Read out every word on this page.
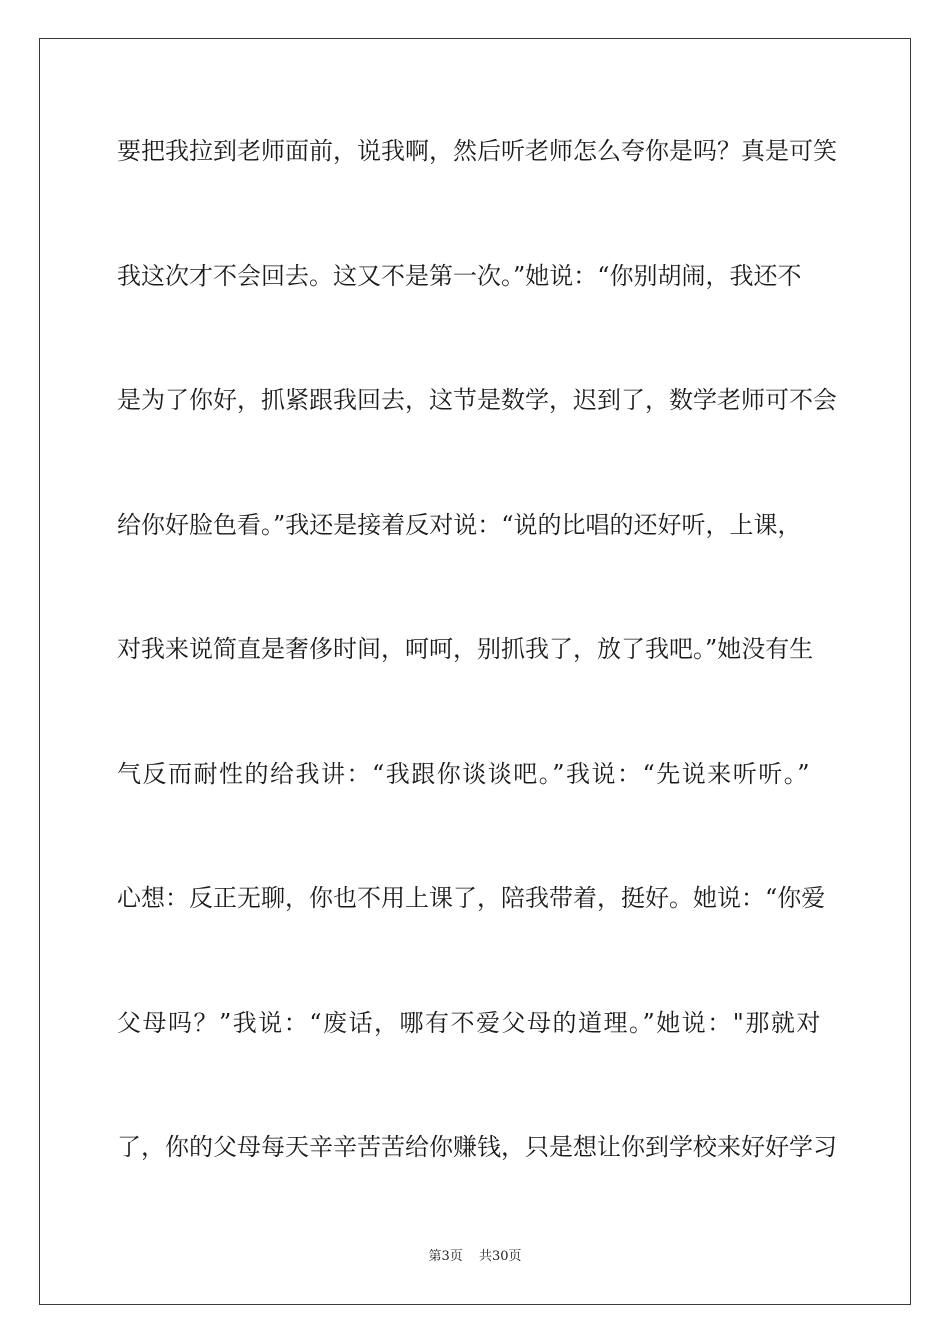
要把我拉到老师面前，说我啊，然后听老师怎么夸你是吗？真是可笑
我这次才不会回去。这又不是第一次。”她说：“你别胡闹，我还不
是为了你好，抓紧跟我回去，这节是数学，迟到了，数学老师可不会
给你好脸色看。”我还是接着反对说：“说的比唱的还好听，上课，
对我来说简直是奢侈时间，呵呵，别抓我了，放了我吧。”她没有生
气反而耐性的给我讲：“我跟你谈谈吧。”我说：“先说来听听。”
心想：反正无聊，你也不用上课了，陪我带着，挺好。她说：“你爱
父母吗？”我说：“废话，哪有不爱父母的道理。”她说："那就对
了，你的父母每天辛辛苦苦给你赚钱，只是想让你到学校来好好学习
第3页 共30页
